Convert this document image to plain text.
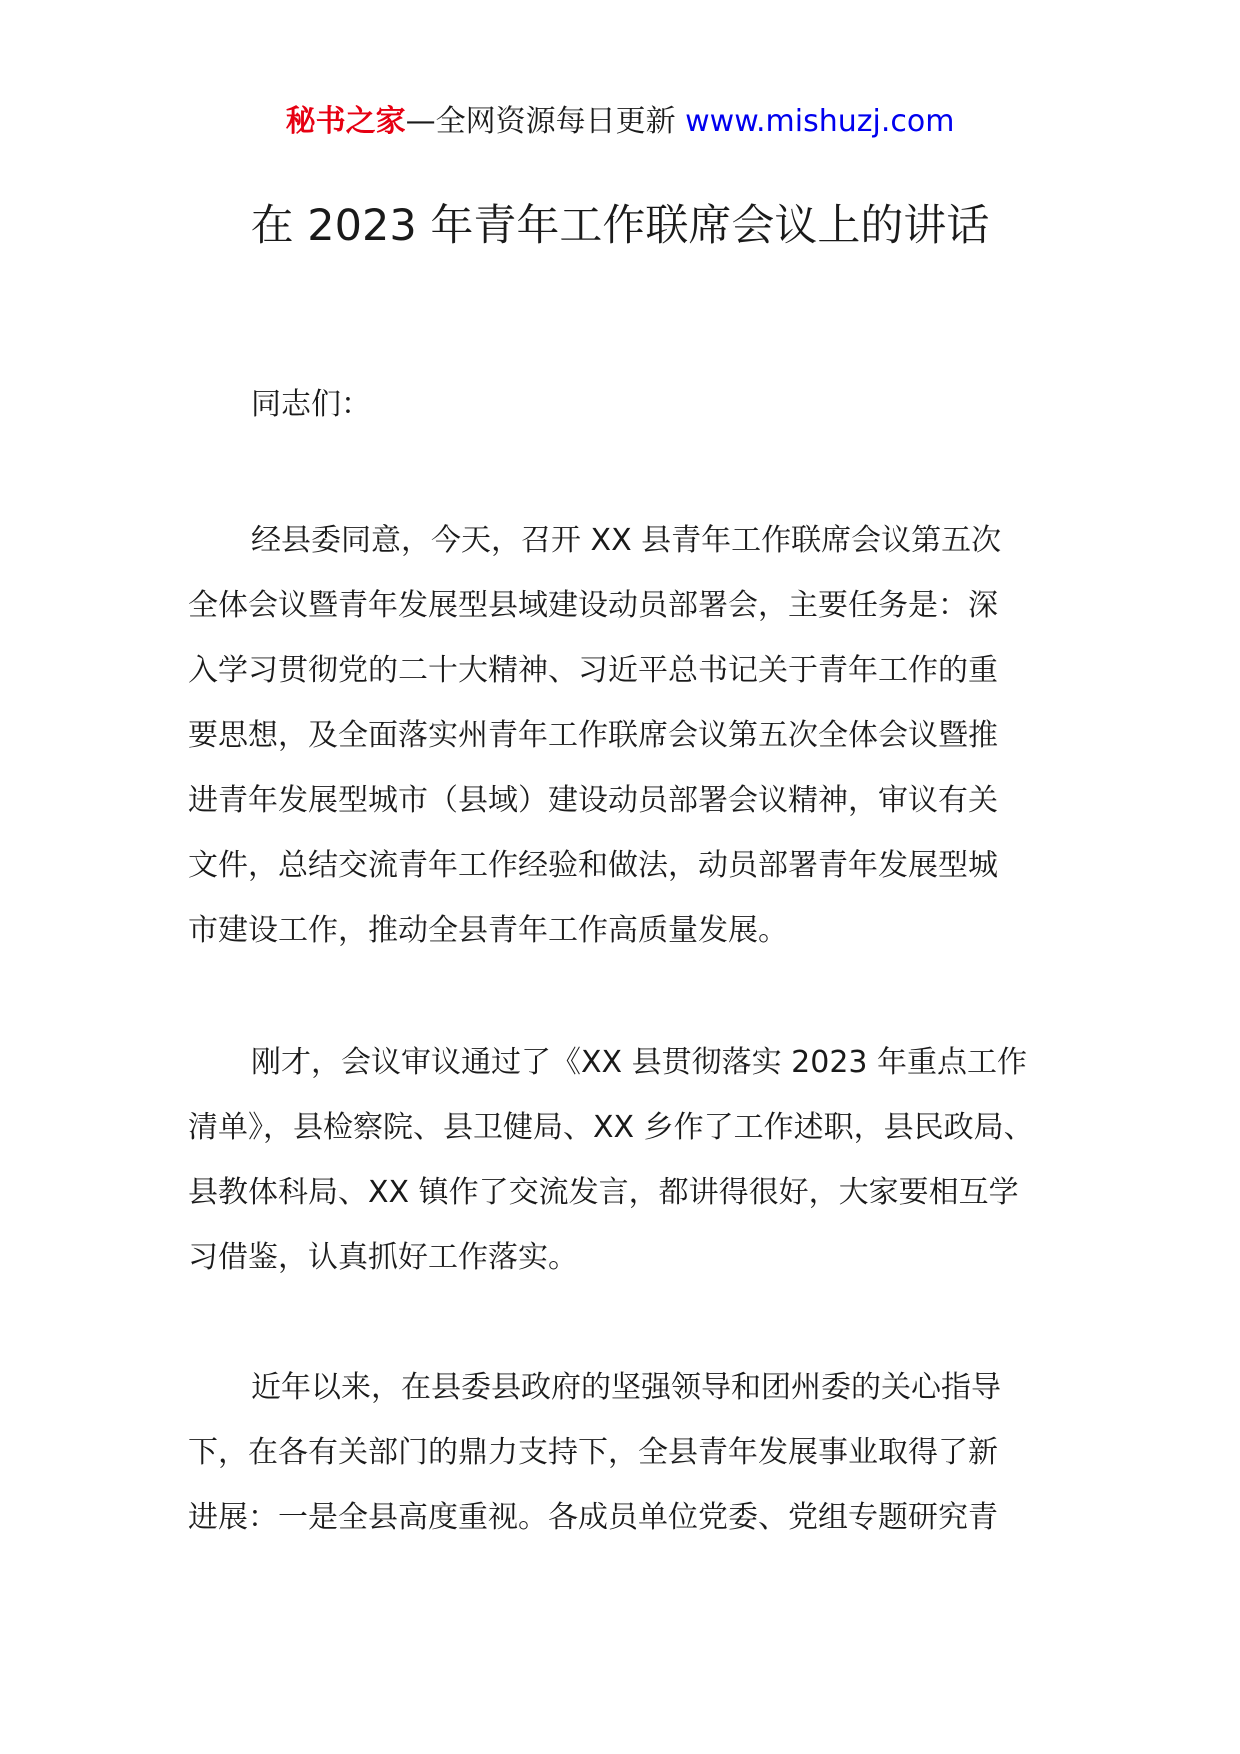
秘书之家—全网资源每日更新 www.mishuzj.com
在 2023 年青年工作联席会议上的讲话
同志们：
经县委同意，今天，召开 XX 县青年工作联席会议第五次
全体会议暨青年发展型县域建设动员部署会，主要任务是：深
入学习贯彻党的二十大精神、习近平总书记关于青年工作的重
要思想，及全面落实州青年工作联席会议第五次全体会议暨推
进青年发展型城市（县域）建设动员部署会议精神，审议有关
文件，总结交流青年工作经验和做法，动员部署青年发展型城
市建设工作，推动全县青年工作高质量发展。
刚才，会议审议通过了《XX 县贯彻落实 2023 年重点工作
清单》，县检察院、县卫健局、XX 乡作了工作述职，县民政局、
县教体科局、XX 镇作了交流发言，都讲得很好，大家要相互学
习借鉴，认真抓好工作落实。
近年以来，在县委县政府的坚强领导和团州委的关心指导
下，在各有关部门的鼎力支持下，全县青年发展事业取得了新
进展：一是全县高度重视。各成员单位党委、党组专题研究青
